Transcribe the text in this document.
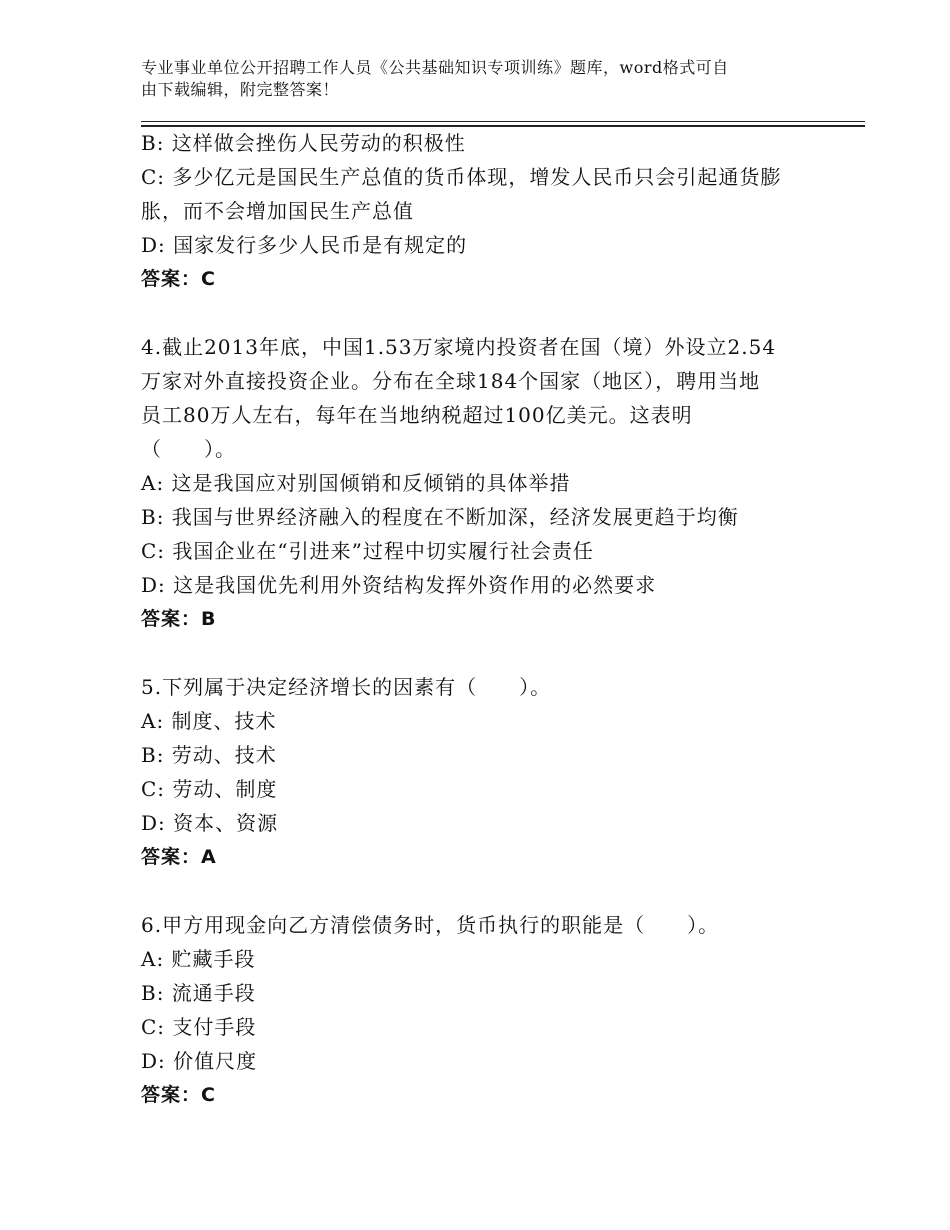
专业事业单位公开招聘工作人员《公共基础知识专项训练》题库，word格式可自
由下载编辑，附完整答案！
B: 这样做会挫伤人民劳动的积极性
C: 多少亿元是国民生产总值的货币体现，增发人民币只会引起通货膨
胀，而不会增加国民生产总值
D: 国家发行多少人民币是有规定的
答案：C
4.截止2013年底，中国1.53万家境内投资者在国（境）外设立2.54
万家对外直接投资企业。分布在全球184个国家（地区），聘用当地
员工80万人左右，每年在当地纳税超过100亿美元。这表明
（　　）。
A: 这是我国应对别国倾销和反倾销的具体举措
B: 我国与世界经济融入的程度在不断加深，经济发展更趋于均衡
C: 我国企业在“引进来”过程中切实履行社会责任
D: 这是我国优先利用外资结构发挥外资作用的必然要求
答案：B
5.下列属于决定经济增长的因素有（　　）。
A: 制度、技术
B: 劳动、技术
C: 劳动、制度
D: 资本、资源
答案：A
6.甲方用现金向乙方清偿债务时，货币执行的职能是（　　）。
A: 贮藏手段
B: 流通手段
C: 支付手段
D: 价值尺度
答案：C
